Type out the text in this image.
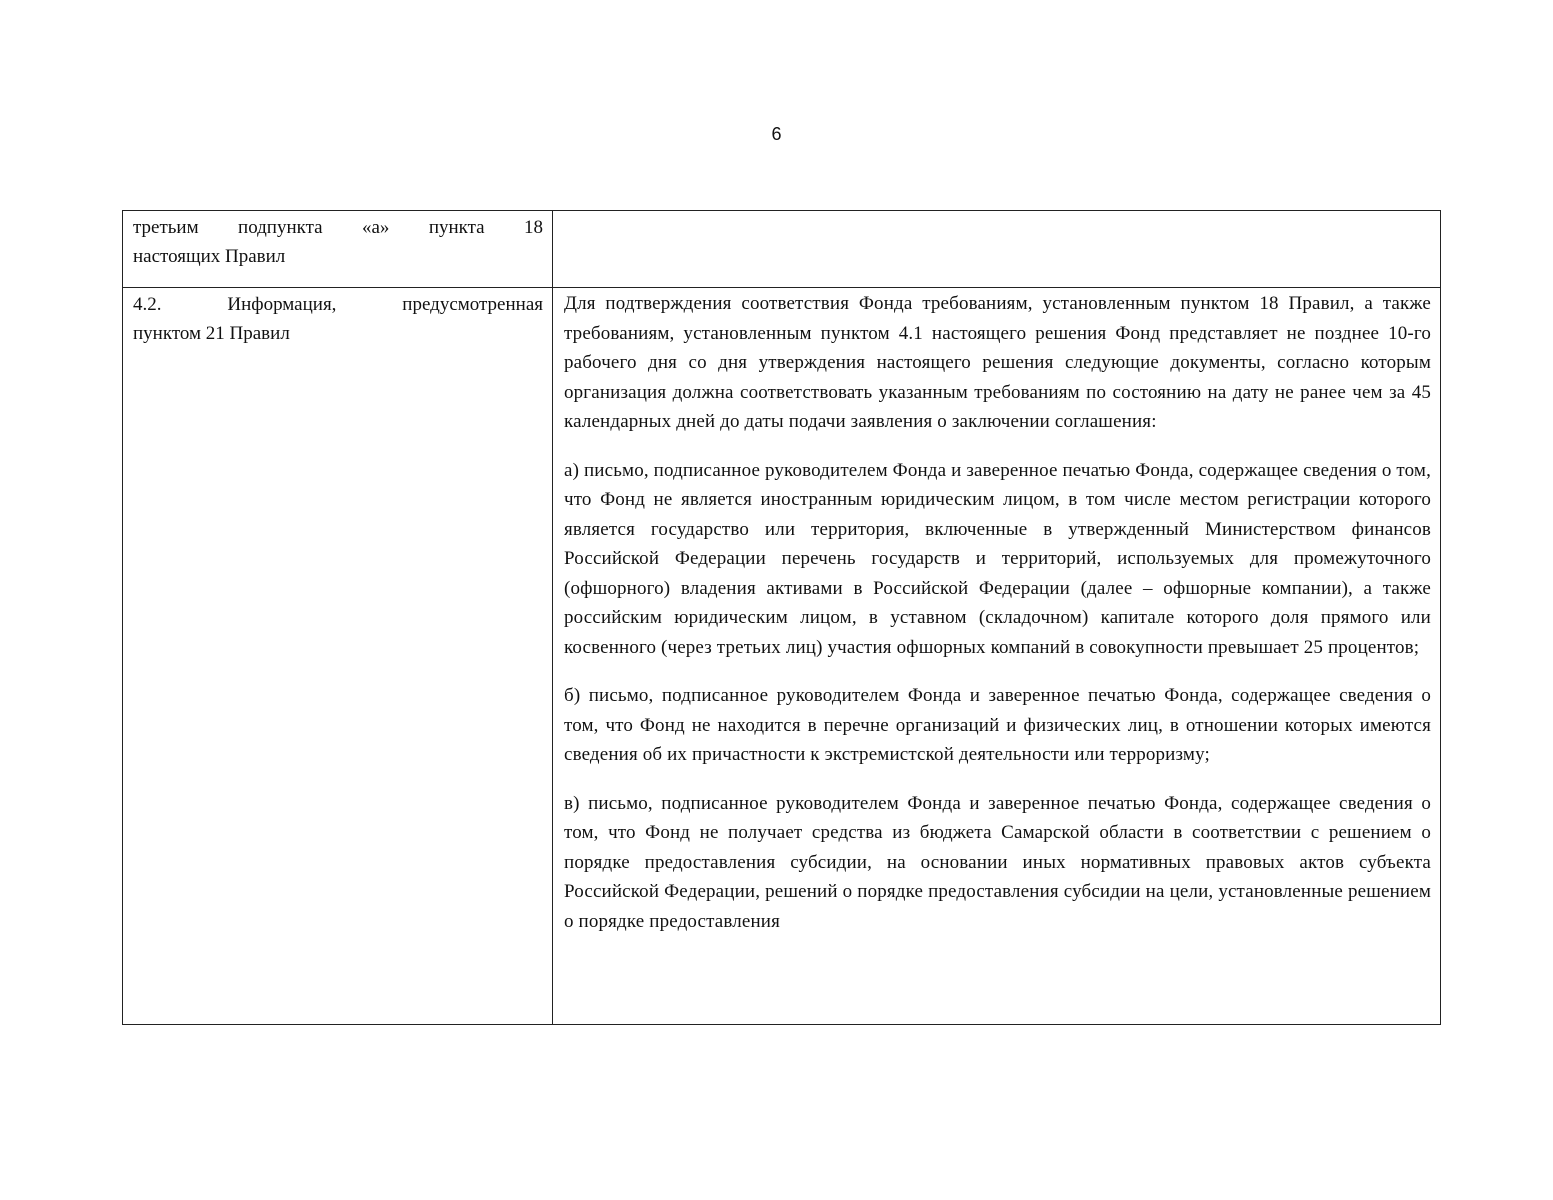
6
третьим подпункта «а» пункта 18
настоящих Правил
4.2. Информация, предусмотренная
пунктом 21 Правил

Для подтверждения соответствия Фонда требованиям, установленным пунктом 18 Правил, а также требованиям, установленным пунктом 4.1 настоящего решения Фонд представляет не позднее 10-го рабочего дня со дня утверждения настоящего решения следующие документы, согласно которым организация должна соответствовать указанным требованиям по состоянию на дату не ранее чем за 45 календарных дней до даты подачи заявления о заключении соглашения:

а) письмо, подписанное руководителем Фонда и заверенное печатью Фонда, содержащее сведения о том, что Фонд не является иностранным юридическим лицом, в том числе местом регистрации которого является государство или территория, включенные в утвержденный Министерством финансов Российской Федерации перечень государств и территорий, используемых для промежуточного (офшорного) владения активами в Российской Федерации (далее – офшорные компании), а также российским юридическим лицом, в уставном (складочном) капитале которого доля прямого или косвенного (через третьих лиц) участия офшорных компаний в совокупности превышает 25 процентов;

б) письмо, подписанное руководителем Фонда и заверенное печатью Фонда, содержащее сведения о том, что Фонд не находится в перечне организаций и физических лиц, в отношении которых имеются сведения об их причастности к экстремистской деятельности или терроризму;

в) письмо, подписанное руководителем Фонда и заверенное печатью Фонда, содержащее сведения о том, что Фонд не получает средства из бюджета Самарской области в соответствии с решением о порядке предоставления субсидии, на основании иных нормативных правовых актов субъекта Российской Федерации, решений о порядке предоставления субсидии на цели, установленные решением о порядке предоставления
